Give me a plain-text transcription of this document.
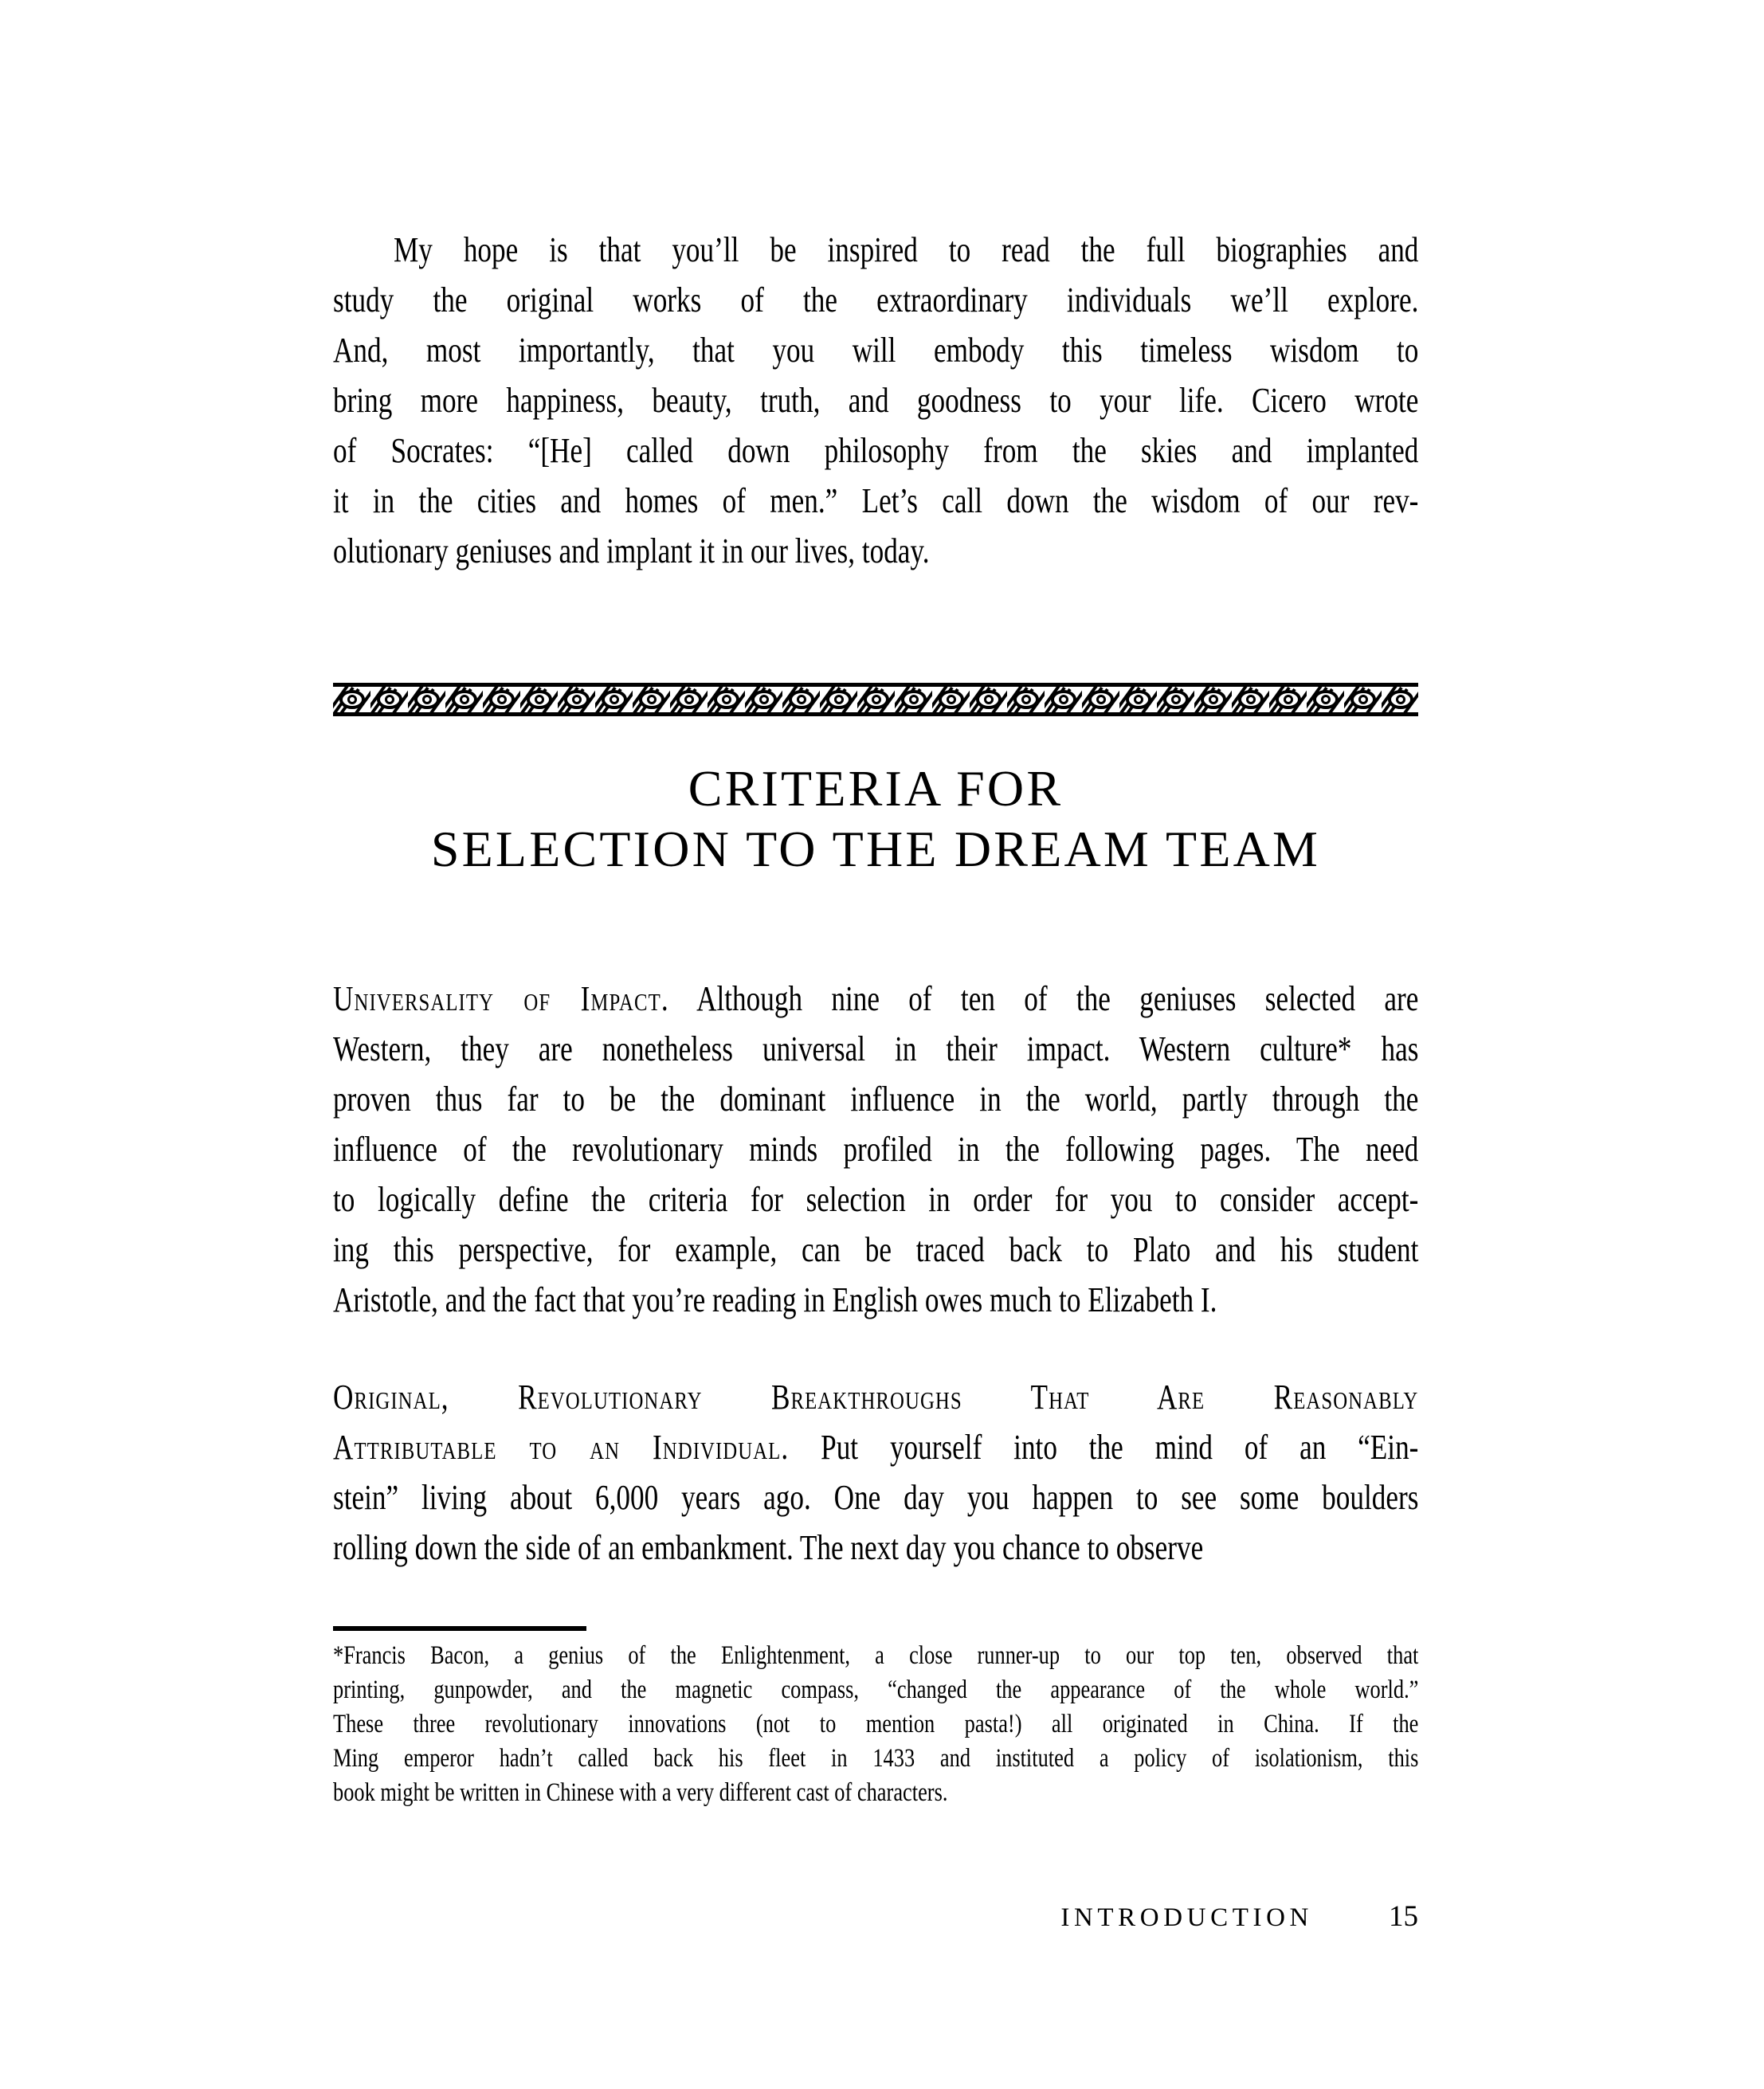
My hope is that you’ll be inspired to read the full biographies and
study the original works of the extraordinary individuals we’ll explore.
And, most importantly, that you will embody this timeless wisdom to
bring more happiness, beauty, truth, and goodness to your life. Cicero wrote
of Socrates: “[He] called down philosophy from the skies and implanted
it in the cities and homes of men.” Let’s call down the wisdom of our rev-
olutionary geniuses and implant it in our lives, today.
CRITERIA FOR
SELECTION TO THE DREAM TEAM
Universality of Impact. Although nine of ten of the geniuses selected are
Western, they are nonetheless universal in their impact. Western culture* has
proven thus far to be the dominant influence in the world, partly through the
influence of the revolutionary minds profiled in the following pages. The need
to logically define the criteria for selection in order for you to consider accept-
ing this perspective, for example, can be traced back to Plato and his student
Aristotle, and the fact that you’re reading in English owes much to Elizabeth I.
Original, Revolutionary Breakthroughs That Are Reasonably
Attributable to an Individual. Put yourself into the mind of an “Ein-
stein” living about 6,000 years ago. One day you happen to see some boulders
rolling down the side of an embankment. The next day you chance to observe
*Francis Bacon, a genius of the Enlightenment, a close runner-up to our top ten, observed that
printing, gunpowder, and the magnetic compass, “changed the appearance of the whole world.”
These three revolutionary innovations (not to mention pasta!) all originated in China. If the
Ming emperor hadn’t called back his fleet in 1433 and instituted a policy of isolationism, this
book might be written in Chinese with a very different cast of characters.
INTRODUCTION	15
